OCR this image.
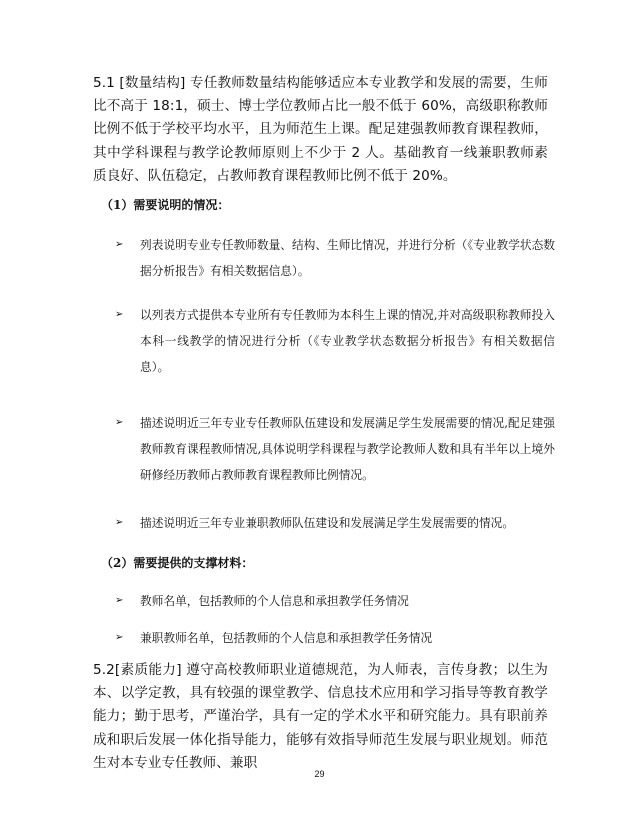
5.1 [数量结构] 专任教师数量结构能够适应本专业教学和发展的需要，生师比不高于 18:1，硕士、博士学位教师占比一般不低于 60%，高级职称教师比例不低于学校平均水平，且为师范生上课。配足建强教师教育课程教师，其中学科课程与教学论教师原则上不少于 2 人。基础教育一线兼职教师素质良好、队伍稳定，占教师教育课程教师比例不低于 20%。

（1）需要说明的情况：

➢	列表说明专业专任教师数量、结构、生师比情况，并进行分析（《专业教学状态数据分析报告》有相关数据信息）。
➢	以列表方式提供本专业所有专任教师为本科生上课的情况,并对高级职称教师投入本科一线教学的情况进行分析（《专业教学状态数据分析报告》有相关数据信息）。
➢	描述说明近三年专业专任教师队伍建设和发展满足学生发展需要的情况,配足建强教师教育课程教师情况,具体说明学科课程与教学论教师人数和具有半年以上境外研修经历教师占教师教育课程教师比例情况。
➢	描述说明近三年专业兼职教师队伍建设和发展满足学生发展需要的情况。

（2）需要提供的支撑材料：

➢	教师名单，包括教师的个人信息和承担教学任务情况
➢	兼职教师名单，包括教师的个人信息和承担教学任务情况

5.2[素质能力] 遵守高校教师职业道德规范，为人师表，言传身教；以生为本、以学定教，具有较强的课堂教学、信息技术应用和学习指导等教育教学能力；勤于思考，严谨治学，具有一定的学术水平和研究能力。具有职前养成和职后发展一体化指导能力，能够有效指导师范生发展与职业规划。师范生对本专业专任教师、兼职

29
